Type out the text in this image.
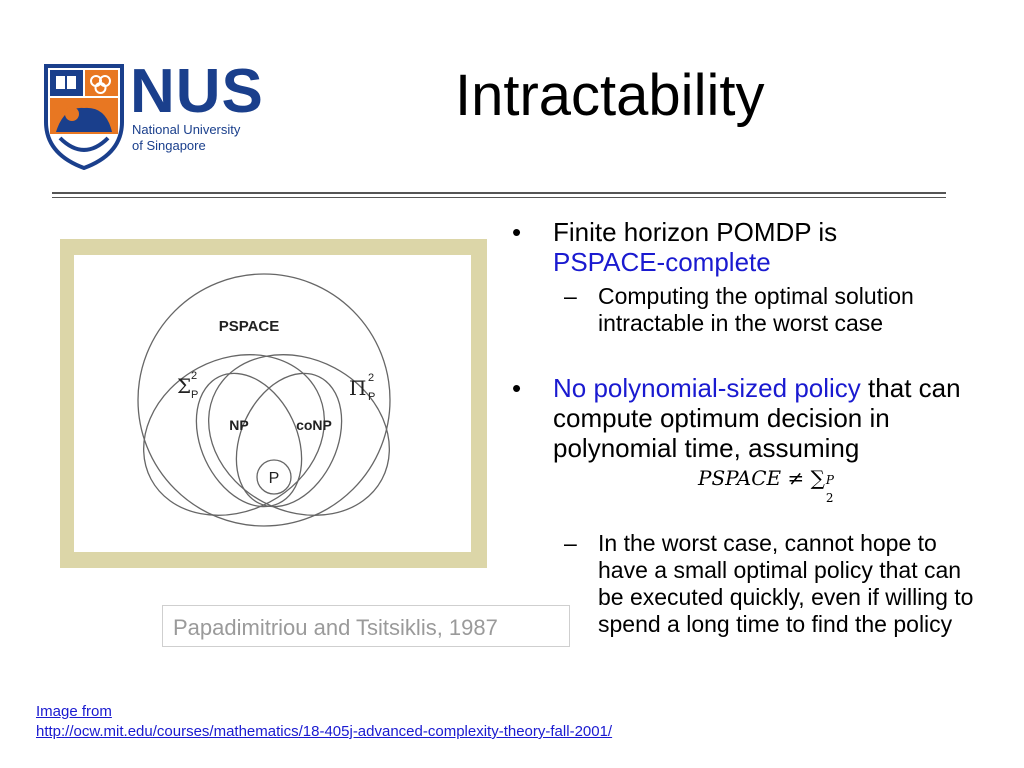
NUS
National University
of Singapore
Intractability
PSPACE
Σ 2
P	Π 2
P
NP	coNP
P
Papadimitriou and Tsitsiklis, 1987
• Finite horizon POMDP is
PSPACE-complete
– Computing the optimal solution intractable in the worst case
• No polynomial-sized policy that can compute optimum decision in polynomial time, assuming
– In the worst case, cannot hope to have a small optimal policy that can be executed quickly, even if willing to spend a long time to find the policy
PSPACE ≠ ∑ P
2
Image from
http://ocw.mit.edu/courses/mathematics/18-405j-advanced-complexity-theory-fall-2001/
